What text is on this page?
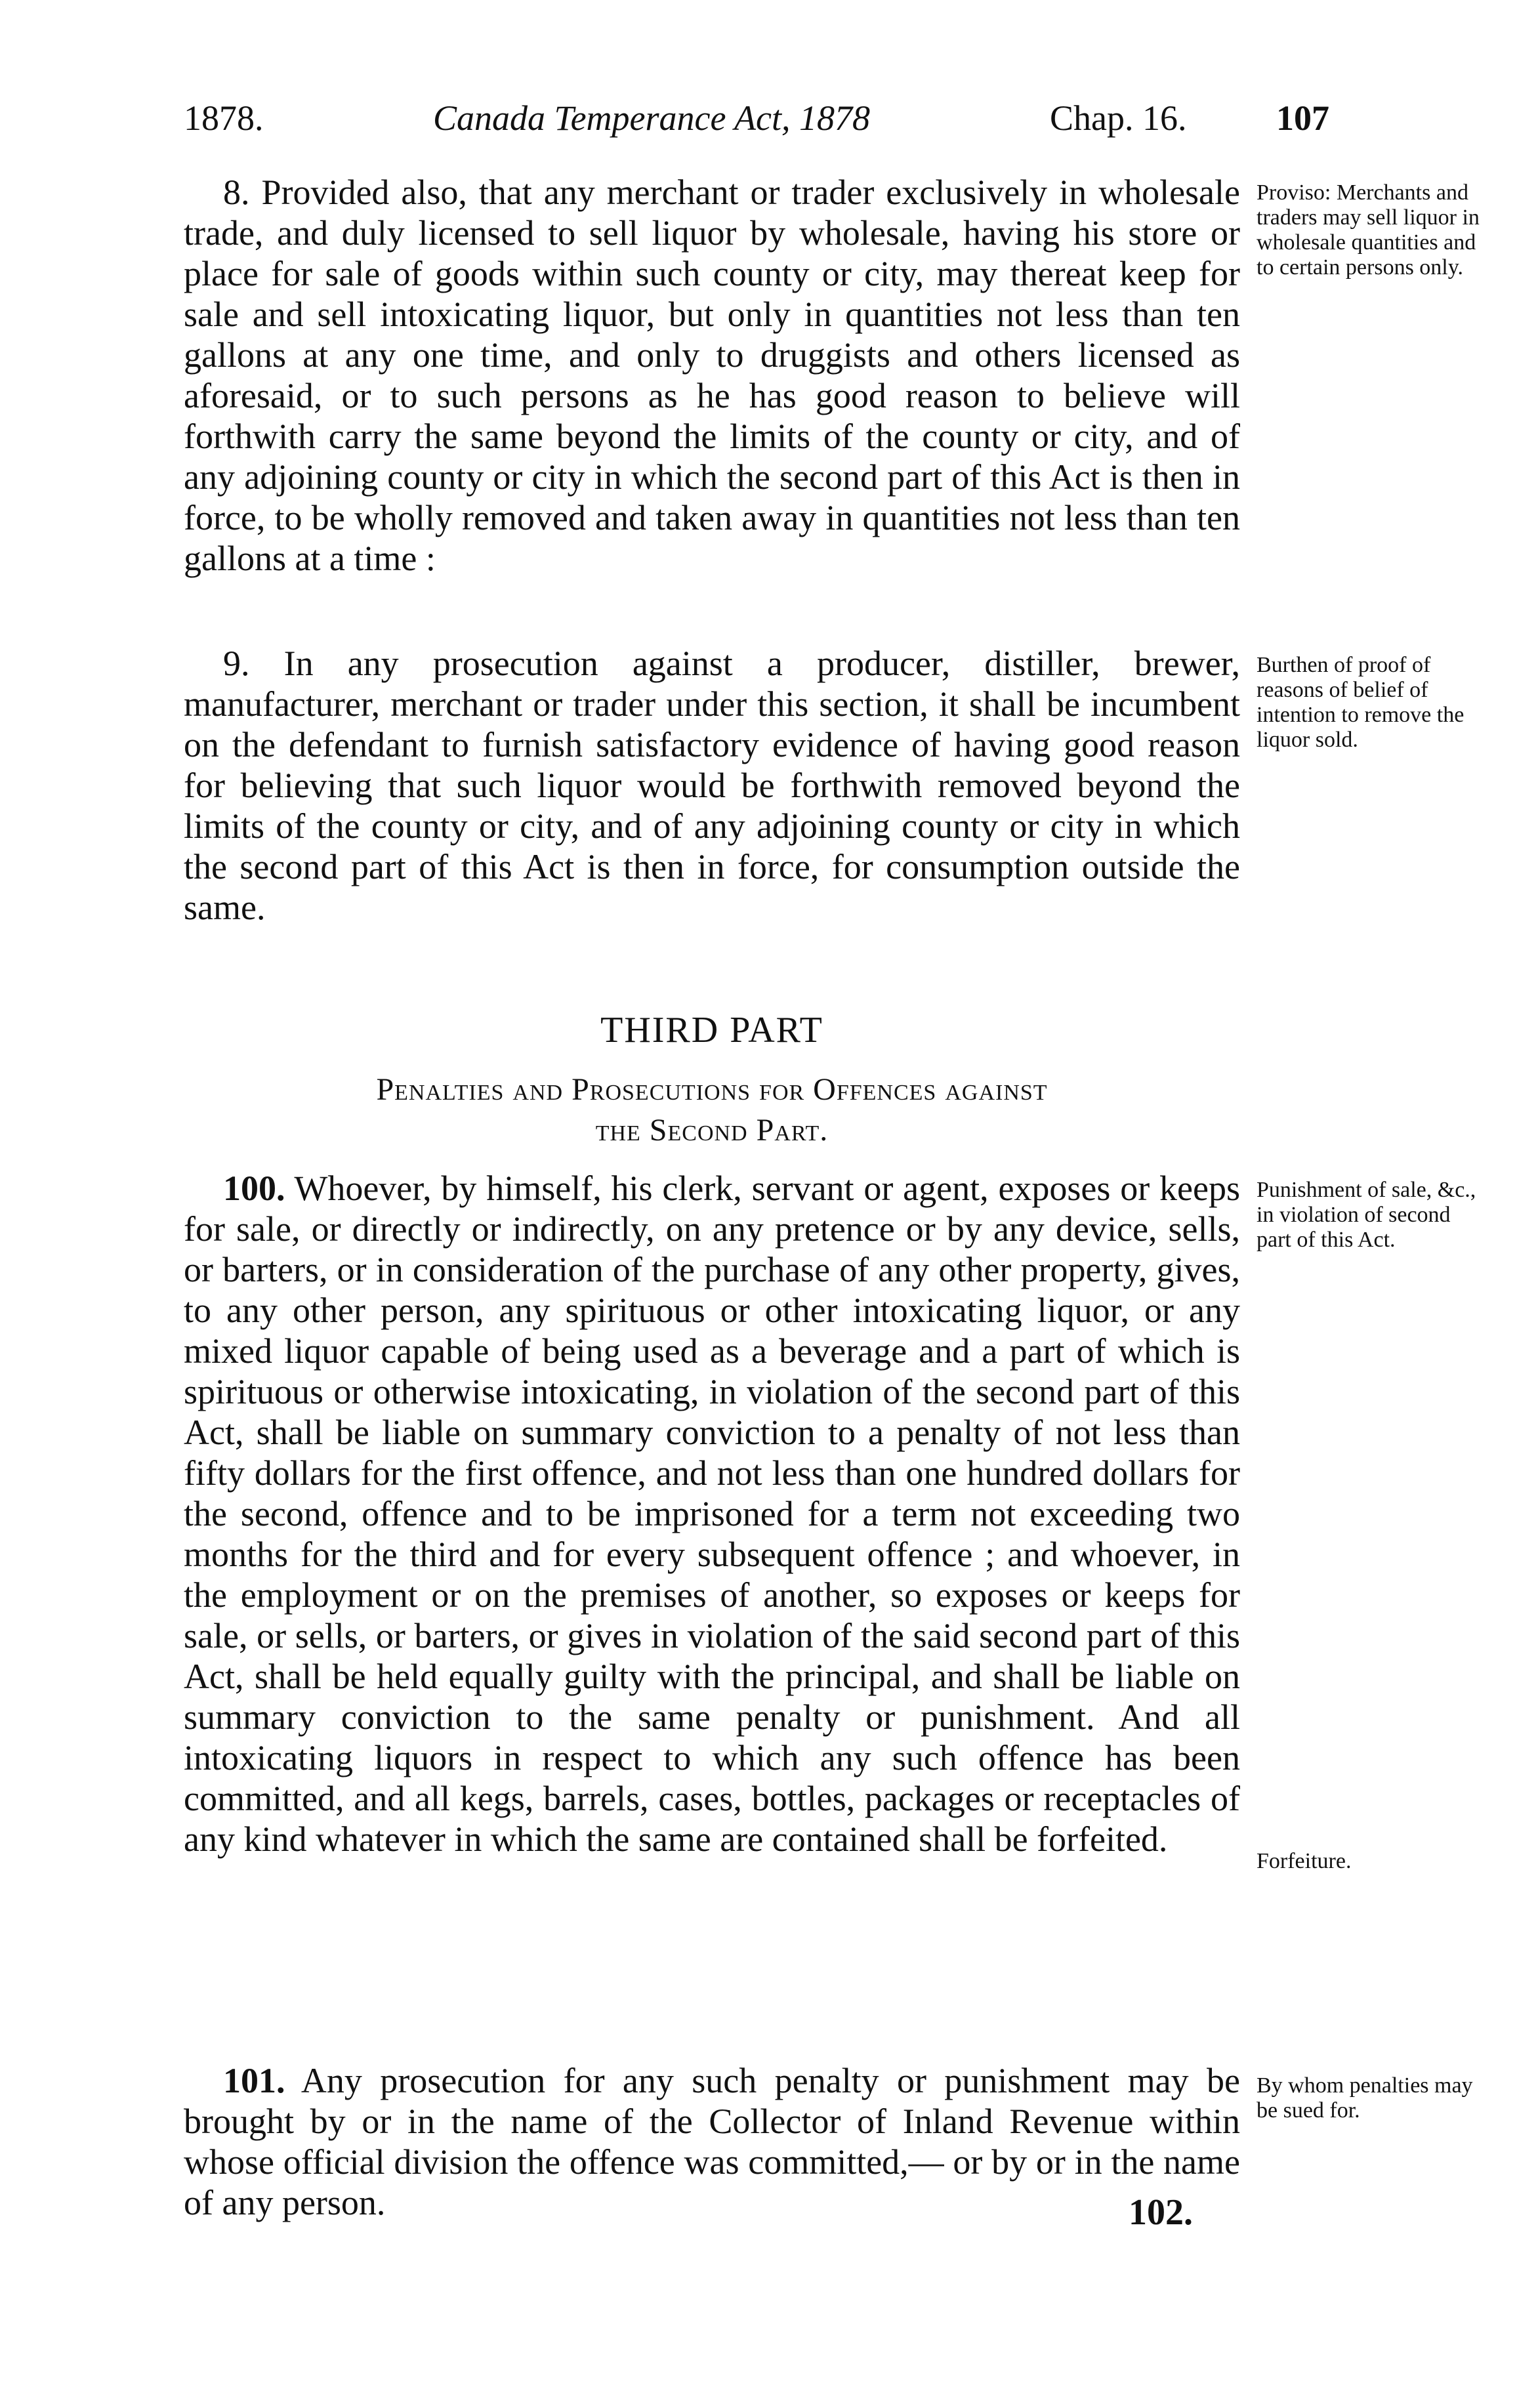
1878.	Canada Temperance Act, 1878	Chap. 16.	107

8. Provided also, that any merchant or trader exclusively in wholesale trade, and duly licensed to sell liquor by wholesale, having his store or place for sale of goods within such county or city, may thereat keep for sale and sell intoxicating liquor, but only in quantities not less than ten gallons at any one time, and only to druggists and others licensed as aforesaid, or to such persons as he has good reason to believe will forthwith carry the same beyond the limits of the county or city, and of any adjoining county or city in which the second part of this Act is then in force, to be wholly removed and taken away in quantities not less than ten gallons at a time :

Proviso: Merchants and traders may sell liquor in wholesale quantities and to certain persons only.

9. In any prosecution against a producer, distiller, brewer, manufacturer, merchant or trader under this section, it shall be incumbent on the defendant to furnish satisfactory evidence of having good reason for believing that such liquor would be forthwith removed beyond the limits of the county or city, and of any adjoining county or city in which the second part of this Act is then in force, for consumption outside the same.

Burthen of proof of reasons of belief of intention to remove the liquor sold.

THIRD PART

Penalties and Prosecutions for Offences against
the Second Part.

100. Whoever, by himself, his clerk, servant or agent, exposes or keeps for sale, or directly or indirectly, on any pretence or by any device, sells, or barters, or in consideration of the purchase of any other property, gives, to any other person, any spirituous or other intoxicating liquor, or any mixed liquor capable of being used as a beverage and a part of which is spirituous or otherwise intoxicating, in violation of the second part of this Act, shall be liable on summary conviction to a penalty of not less than fifty dollars for the first offence, and not less than one hundred dollars for the second, offence and to be imprisoned for a term not exceeding two months for the third and for every subsequent offence ; and whoever, in the employment or on the premises of another, so exposes or keeps for sale, or sells, or barters, or gives in violation of the said second part of this Act, shall be held equally guilty with the principal, and shall be liable on summary conviction to the same penalty or punishment. And all intoxicating liquors in respect to which any such offence has been committed, and all kegs, barrels, cases, bottles, packages or receptacles of any kind whatever in which the same are contained shall be forfeited.

Punishment of sale, &c., in violation of second part of this Act.

Forfeiture.

101. Any prosecution for any such penalty or punishment may be brought by or in the name of the Collector of Inland Revenue within whose official division the offence was committed,— or by or in the name of any person.

By whom penalties may be sued for.

102.
